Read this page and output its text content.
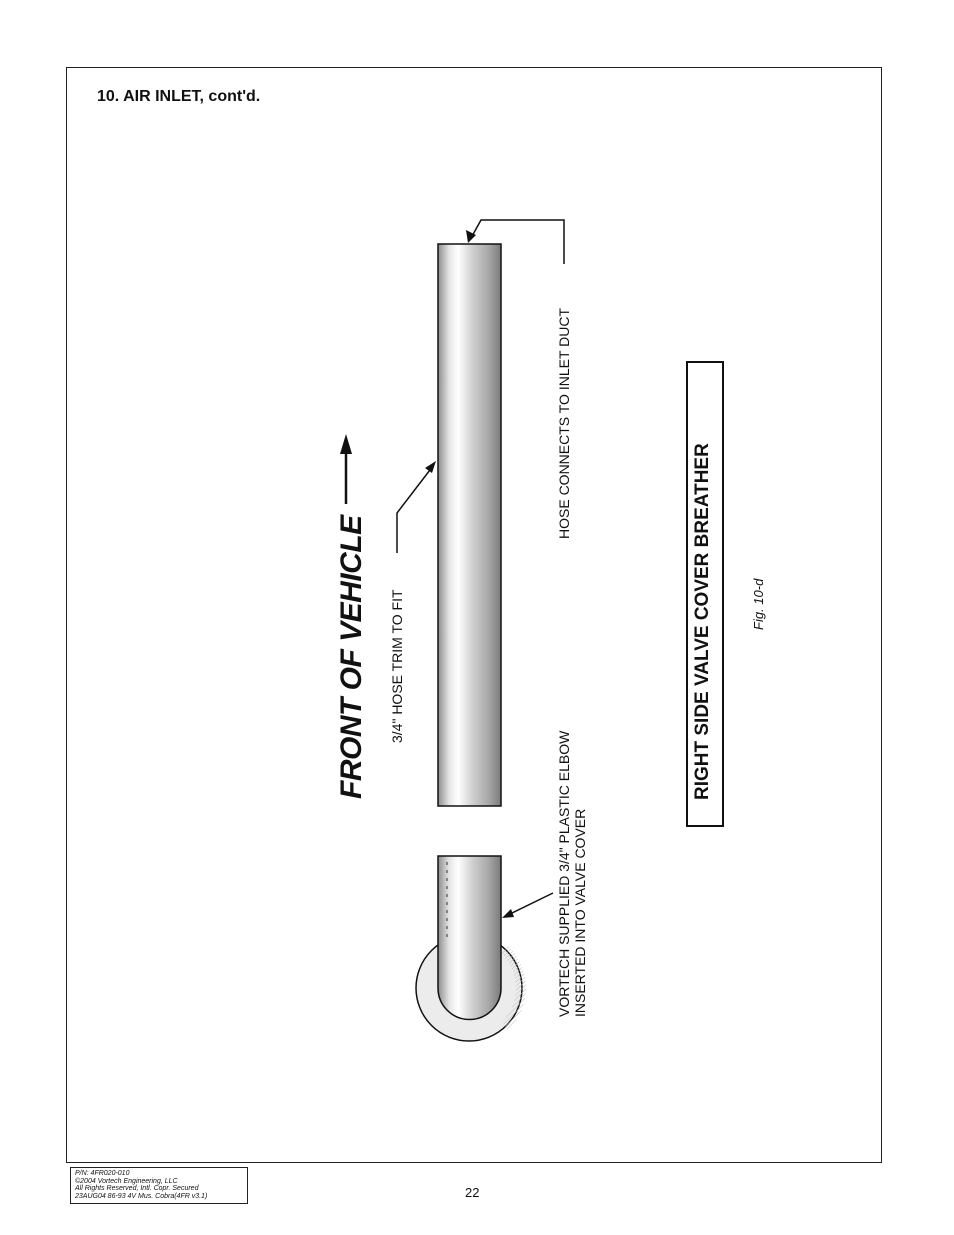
10. AIR INLET, cont'd.
FRONT OF VEHICLE 3/4" HOSE TRIM TO FIT
HOSE CONNECTS TO INLET DUCT
VORTECH SUPPLIED 3/4" PLASTIC ELBOW INSERTED INTO VALVE COVER
RIGHT SIDE VALVE COVER BREATHER	Fig. 10-d
P/N: 4FR020-010
©2004 Vortech Engineering, LLC
All Rights Reserved, Intl. Copr. Secured
23AUG04 86-93 4V Mus. Cobra(4FR v3.1)	22
